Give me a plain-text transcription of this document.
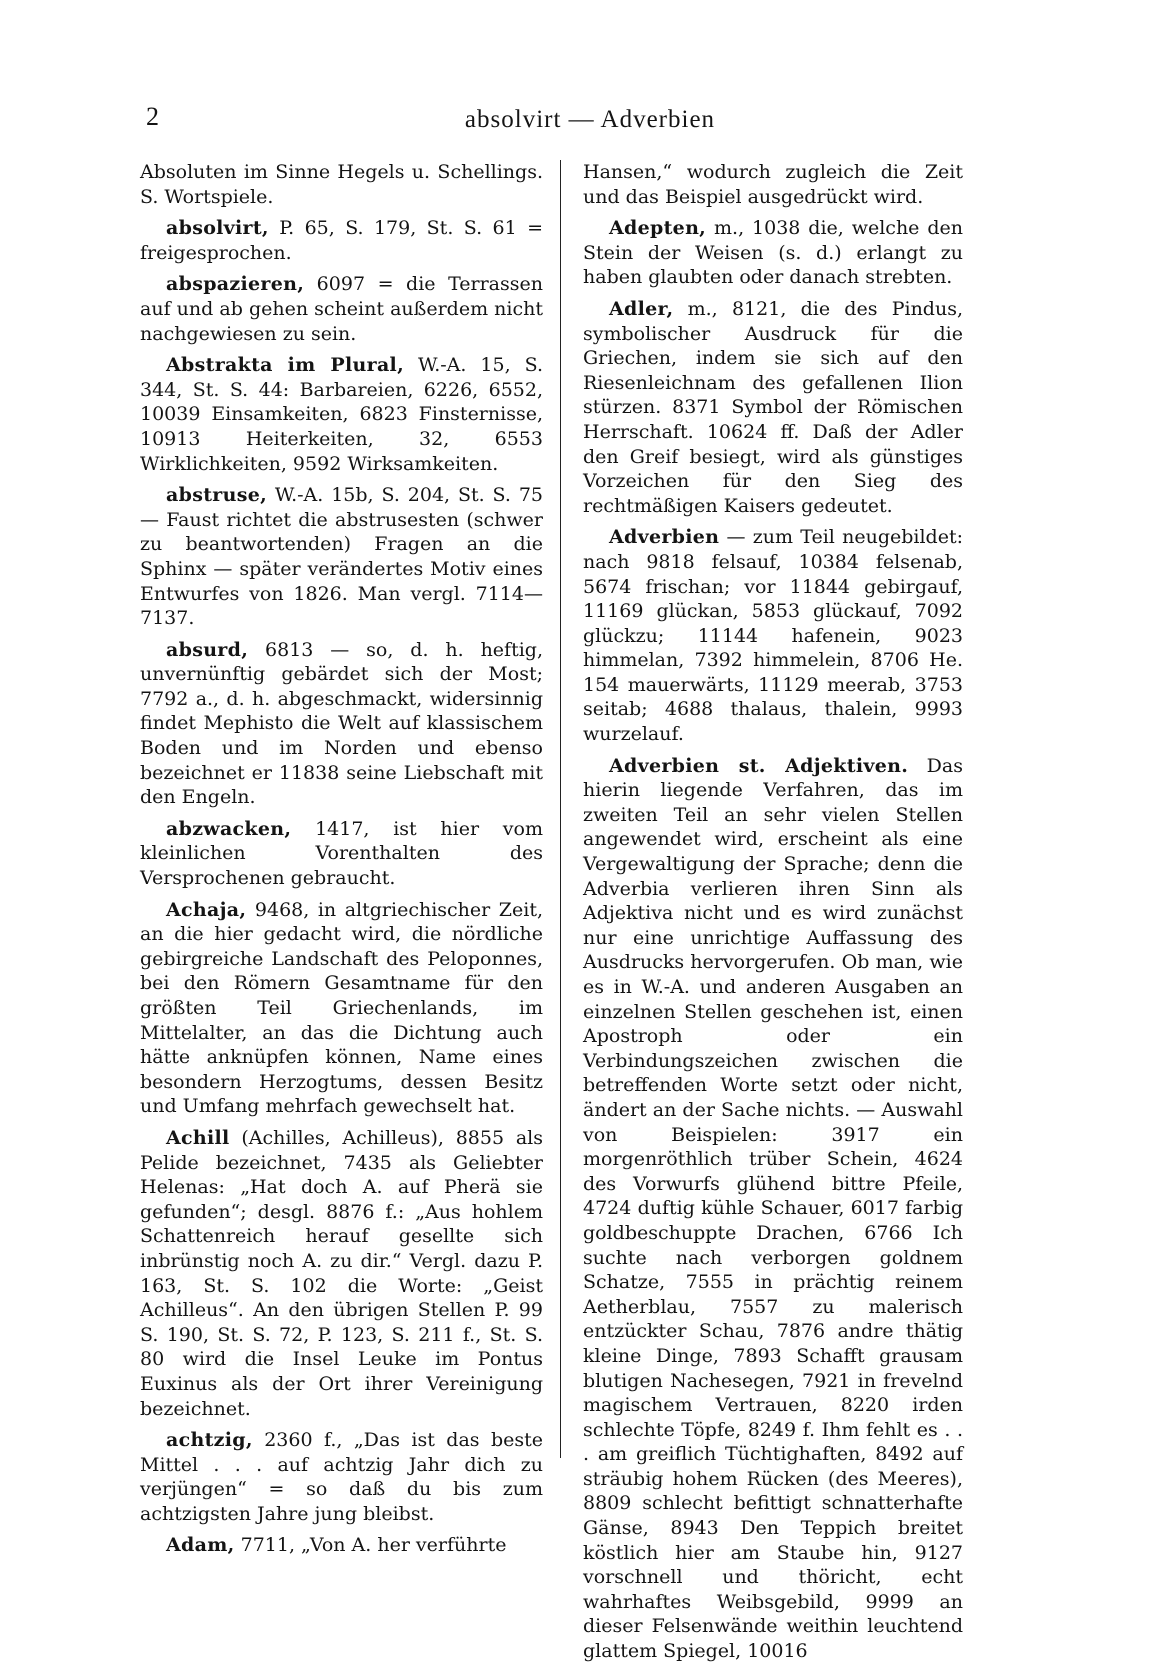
2	absolvirt — Adverbien

Absoluten im Sinne Hegels u. Schellings. S. Wortspiele.

absolvirt, P. 65, S. 179, St. S. 61 = freigesprochen.

abspazieren, 6097 = die Terrassen auf und ab gehen scheint außerdem nicht nachgewiesen zu sein.

Abstrakta im Plural, W.-A. 15, S. 344, St. S. 44: Barbareien, 6226, 6552, 10039 Einsamkeiten, 6823 Finsternisse, 10913 Heiterkeiten, 32, 6553 Wirklichkeiten, 9592 Wirksamkeiten.

abstruse, W.-A. 15b, S. 204, St. S. 75 — Faust richtet die abstrusesten (schwer zu beantwortenden) Fragen an die Sphinx — später verändertes Motiv eines Entwurfes von 1826. Man vergl. 7114—7137.

absurd, 6813 — so, d. h. heftig, unvernünftig gebärdet sich der Most; 7792 a., d. h. abgeschmackt, widersinnig findet Mephisto die Welt auf klassischem Boden und im Norden und ebenso bezeichnet er 11838 seine Liebschaft mit den Engeln.

abzwacken, 1417, ist hier vom kleinlichen Vorenthalten des Versprochenen gebraucht.

Achaja, 9468, in altgriechischer Zeit, an die hier gedacht wird, die nördliche gebirgreiche Landschaft des Peloponnes, bei den Römern Gesamtname für den größten Teil Griechenlands, im Mittelalter, an das die Dichtung auch hätte anknüpfen können, Name eines besondern Herzogtums, dessen Besitz und Umfang mehrfach gewechselt hat.

Achill (Achilles, Achilleus), 8855 als Pelide bezeichnet, 7435 als Geliebter Helenas: „Hat doch A. auf Pherä sie gefunden“; desgl. 8876 f.: „Aus hohlem Schattenreich herauf gesellte sich inbrünstig noch A. zu dir.“ Vergl. dazu P. 163, St. S. 102 die Worte: „Geist Achilleus“. An den übrigen Stellen P. 99 S. 190, St. S. 72, P. 123, S. 211 f., St. S. 80 wird die Insel Leuke im Pontus Euxinus als der Ort ihrer Vereinigung bezeichnet.

achtzig, 2360 f., „Das ist das beste Mittel . . . auf achtzig Jahr dich zu verjüngen“ = so daß du bis zum achtzigsten Jahre jung bleibst.

Adam, 7711, „Von A. her verführte

Hansen,“ wodurch zugleich die Zeit und das Beispiel ausgedrückt wird.

Adepten, m., 1038 die, welche den Stein der Weisen (s. d.) erlangt zu haben glaubten oder danach strebten.

Adler, m., 8121, die des Pindus, symbolischer Ausdruck für die Griechen, indem sie sich auf den Riesenleichnam des gefallenen Ilion stürzen. 8371 Symbol der Römischen Herrschaft. 10624 ff. Daß der Adler den Greif besiegt, wird als günstiges Vorzeichen für den Sieg des rechtmäßigen Kaisers gedeutet.

Adverbien — zum Teil neugebildet: nach 9818 felsauf, 10384 felsenab, 5674 frischan; vor 11844 gebirgauf, 11169 glückan, 5853 glückauf, 7092 glückzu; 11144 hafenein, 9023 himmelan, 7392 himmelein, 8706 He. 154 mauerwärts, 11129 meerab, 3753 seitab; 4688 thalaus, thalein, 9993 wurzelauf.

Adverbien st. Adjektiven. Das hierin liegende Verfahren, das im zweiten Teil an sehr vielen Stellen angewendet wird, erscheint als eine Vergewaltigung der Sprache; denn die Adverbia verlieren ihren Sinn als Adjektiva nicht und es wird zunächst nur eine unrichtige Auffassung des Ausdrucks hervorgerufen. Ob man, wie es in W.-A. und anderen Ausgaben an einzelnen Stellen geschehen ist, einen Apostroph oder ein Verbindungszeichen zwischen die betreffenden Worte setzt oder nicht, ändert an der Sache nichts. — Auswahl von Beispielen: 3917 ein morgenröthlich trüber Schein, 4624 des Vorwurfs glühend bittre Pfeile, 4724 duftig kühle Schauer, 6017 farbig goldbeschuppte Drachen, 6766 Ich suchte nach verborgen goldnem Schatze, 7555 in prächtig reinem Aetherblau, 7557 zu malerisch entzückter Schau, 7876 andre thätig kleine Dinge, 7893 Schafft grausam blutigen Nachesegen, 7921 in frevelnd magischem Vertrauen, 8220 irden schlechte Töpfe, 8249 f. Ihm fehlt es . . . am greiflich Tüchtighaften, 8492 auf sträubig hohem Rücken (des Meeres), 8809 schlecht befittigt schnatterhafte Gänse, 8943 Den Teppich breitet köstlich hier am Staube hin, 9127 vorschnell und thöricht, echt wahrhaftes Weibsgebild, 9999 an dieser Felsenwände weithin leuchtend glattem Spiegel, 10016
